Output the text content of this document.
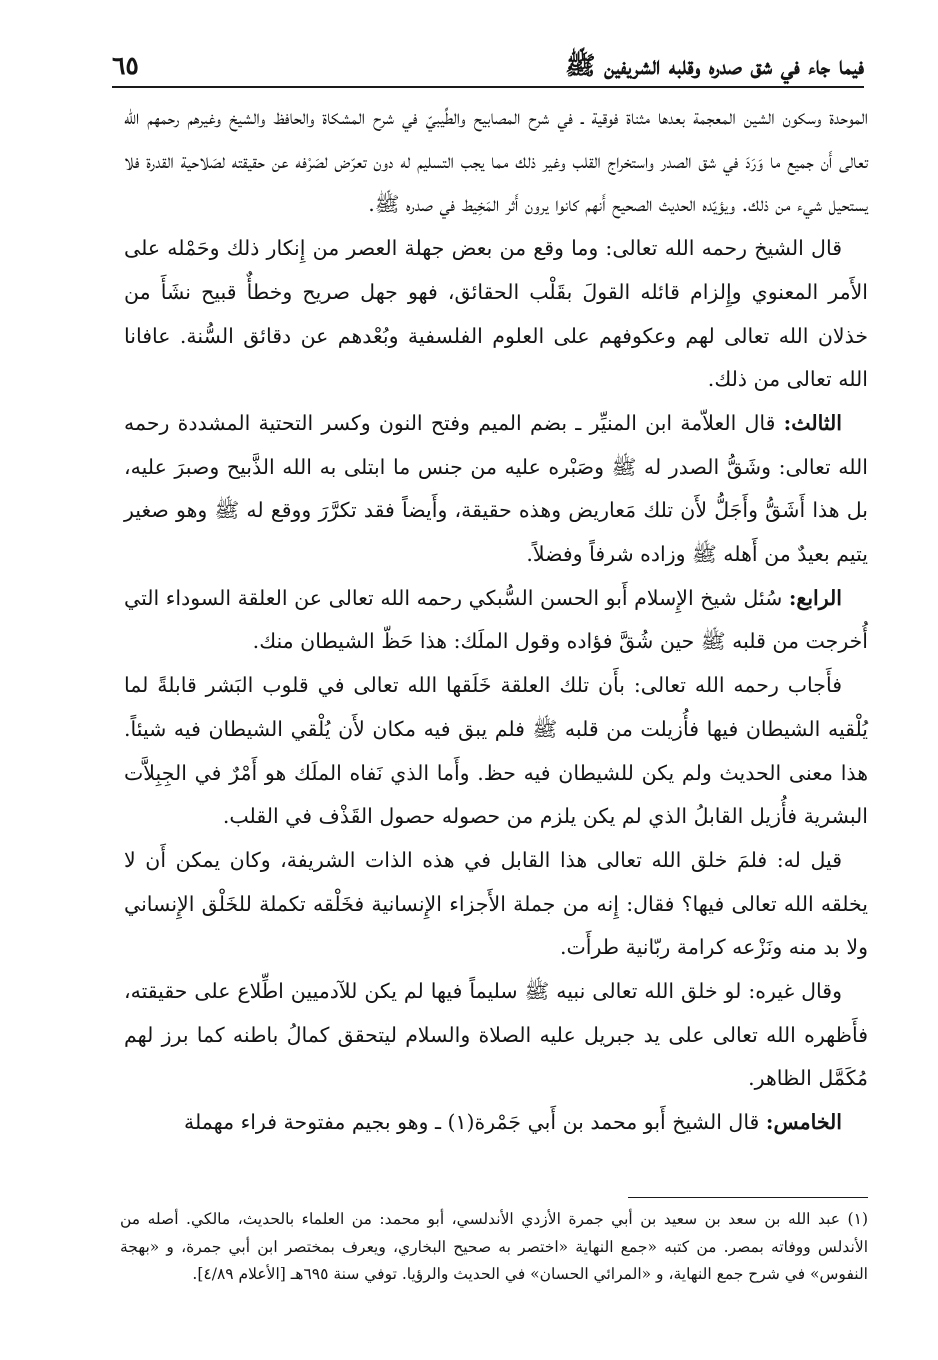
فيما جاء في شق صدره وقلبه الشريفين ﷺ
٦٥

الموحدة وسكون الشين المعجمة بعدها مثناة فوقية ـ في شرح المصابيح والطِّيبيّ في شرح المشكاة والحافظ والشيخ وغيرهم رحمهم الله تعالى أَن جميع ما وَرَدَ في شق الصدر واستخراج القلب وغير ذلك مما يجب التسليم له دون تعرّض لصَرْفه عن حقيقته لصَلاحية القدرة فلا يستحيل شيء من ذلك. ويؤيّده الحديث الصحيح أَنهم كانوا يرون أَثر المَخِيط في صدره ﷺ.

قال الشيخ رحمه الله تعالى: وما وقع من بعض جهلة العصر من إِنكار ذلك وحَمْله على الأَمر المعنوي وإِلزام قائله القولَ بقَلْب الحقائق، فهو جهل صريح وخطأٌ قبيح نشَأَ من خذلان الله تعالى لهم وعكوفهم على العلوم الفلسفية وبُعْدهم عن دقائق السُّنة. عافانا الله تعالى من ذلك.

الثالث: قال العلاّمة ابن المنيِّر ـ بضم الميم وفتح النون وكسر التحتية المشددة رحمه الله تعالى: وشَقُّ الصدر له ﷺ وصَبْره عليه من جنس ما ابتلى به الله الذَّبيح وصبرَ عليه، بل هذا أَشَقُّ وأَجَلُّ لأَن تلك مَعاريض وهذه حقيقة، وأَيضاً فقد تكرَّرَ ووقع له ﷺ وهو صغير يتيم بعيدٌ من أَهله ﷺ وزاده شرفاً وفضلاً.

الرابع: سُئل شيخ الإِسلام أَبو الحسن السُّبكي رحمه الله تعالى عن العلقة السوداء التي أُخرجت من قلبه ﷺ حين شُقَّ فؤاده وقول الملَك: هذا حَظّ الشيطان منك.

فأَجاب رحمه الله تعالى: بأَن تلك العلقة خَلَقها الله تعالى في قلوب البَشر قابلةً لما يُلْقيه الشيطان فيها فأُزيلت من قلبه ﷺ فلم يبق فيه مكان لأَن يُلْقي الشيطان فيه شيئاً. هذا معنى الحديث ولم يكن للشيطان فيه حظ. وأَما الذي نَفاه الملَك هو أَمْرٌ في الجِبِلاَّت البشرية فأُزيل القابلُ الذي لم يكن يلزم من حصوله حصول القَذْف في القلب.

قيل له: فلمَ خلق الله تعالى هذا القابل في هذه الذات الشريفة، وكان يمكن أَن لا يخلقه الله تعالى فيها؟ فقال: إِنه من جملة الأَجزاء الإِنسانية فخَلْقه تكملة للخَلْق الإِنساني ولا بد منه ونَزْعه كرامة ربّانية طرأَت.

وقال غيره: لو خلق الله تعالى نبيه ﷺ سليماً فيها لم يكن للآدميين اطِّلاع على حقيقته، فأَظهره الله تعالى على يد جبريل عليه الصلاة والسلام ليتحقق كمالُ باطنه كما برز لهم مُكَمَّل الظاهر.

الخامس: قال الشيخ أَبو محمد بن أَبي جَمْرة(١) ـ وهو بجيم مفتوحة فراء مهملة

(١) عبد الله بن سعد بن سعيد بن أبي جمرة الأزدي الأندلسي، أبو محمد: من العلماء بالحديث، مالكي. أصله من الأندلس ووفاته بمصر. من كتبه «جمع النهاية «اختصر به صحيح البخاري، ويعرف بمختصر ابن أبي جمرة، و «بهجة النفوس» في شرح جمع النهاية، و «المرائي الحسان» في الحديث والرؤيا. توفي سنة ٦٩٥هـ [الأعلام ٤/٨٩].
